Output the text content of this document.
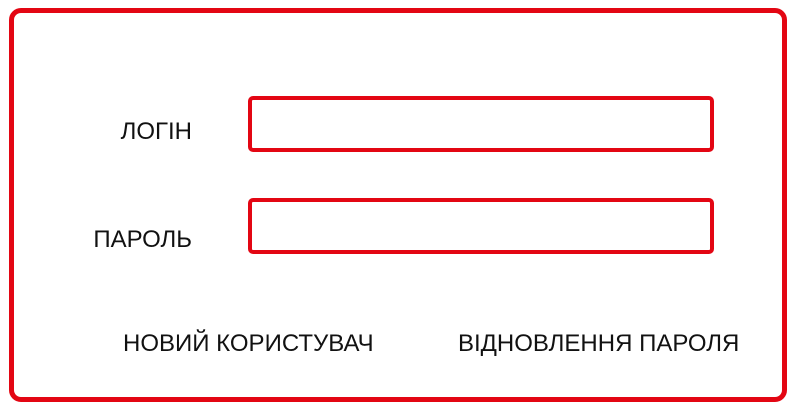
ЛОГІН
ПАРОЛЬ
НОВИЙ КОРИСТУВАЧ	ВІДНОВЛЕННЯ ПАРОЛЯ
